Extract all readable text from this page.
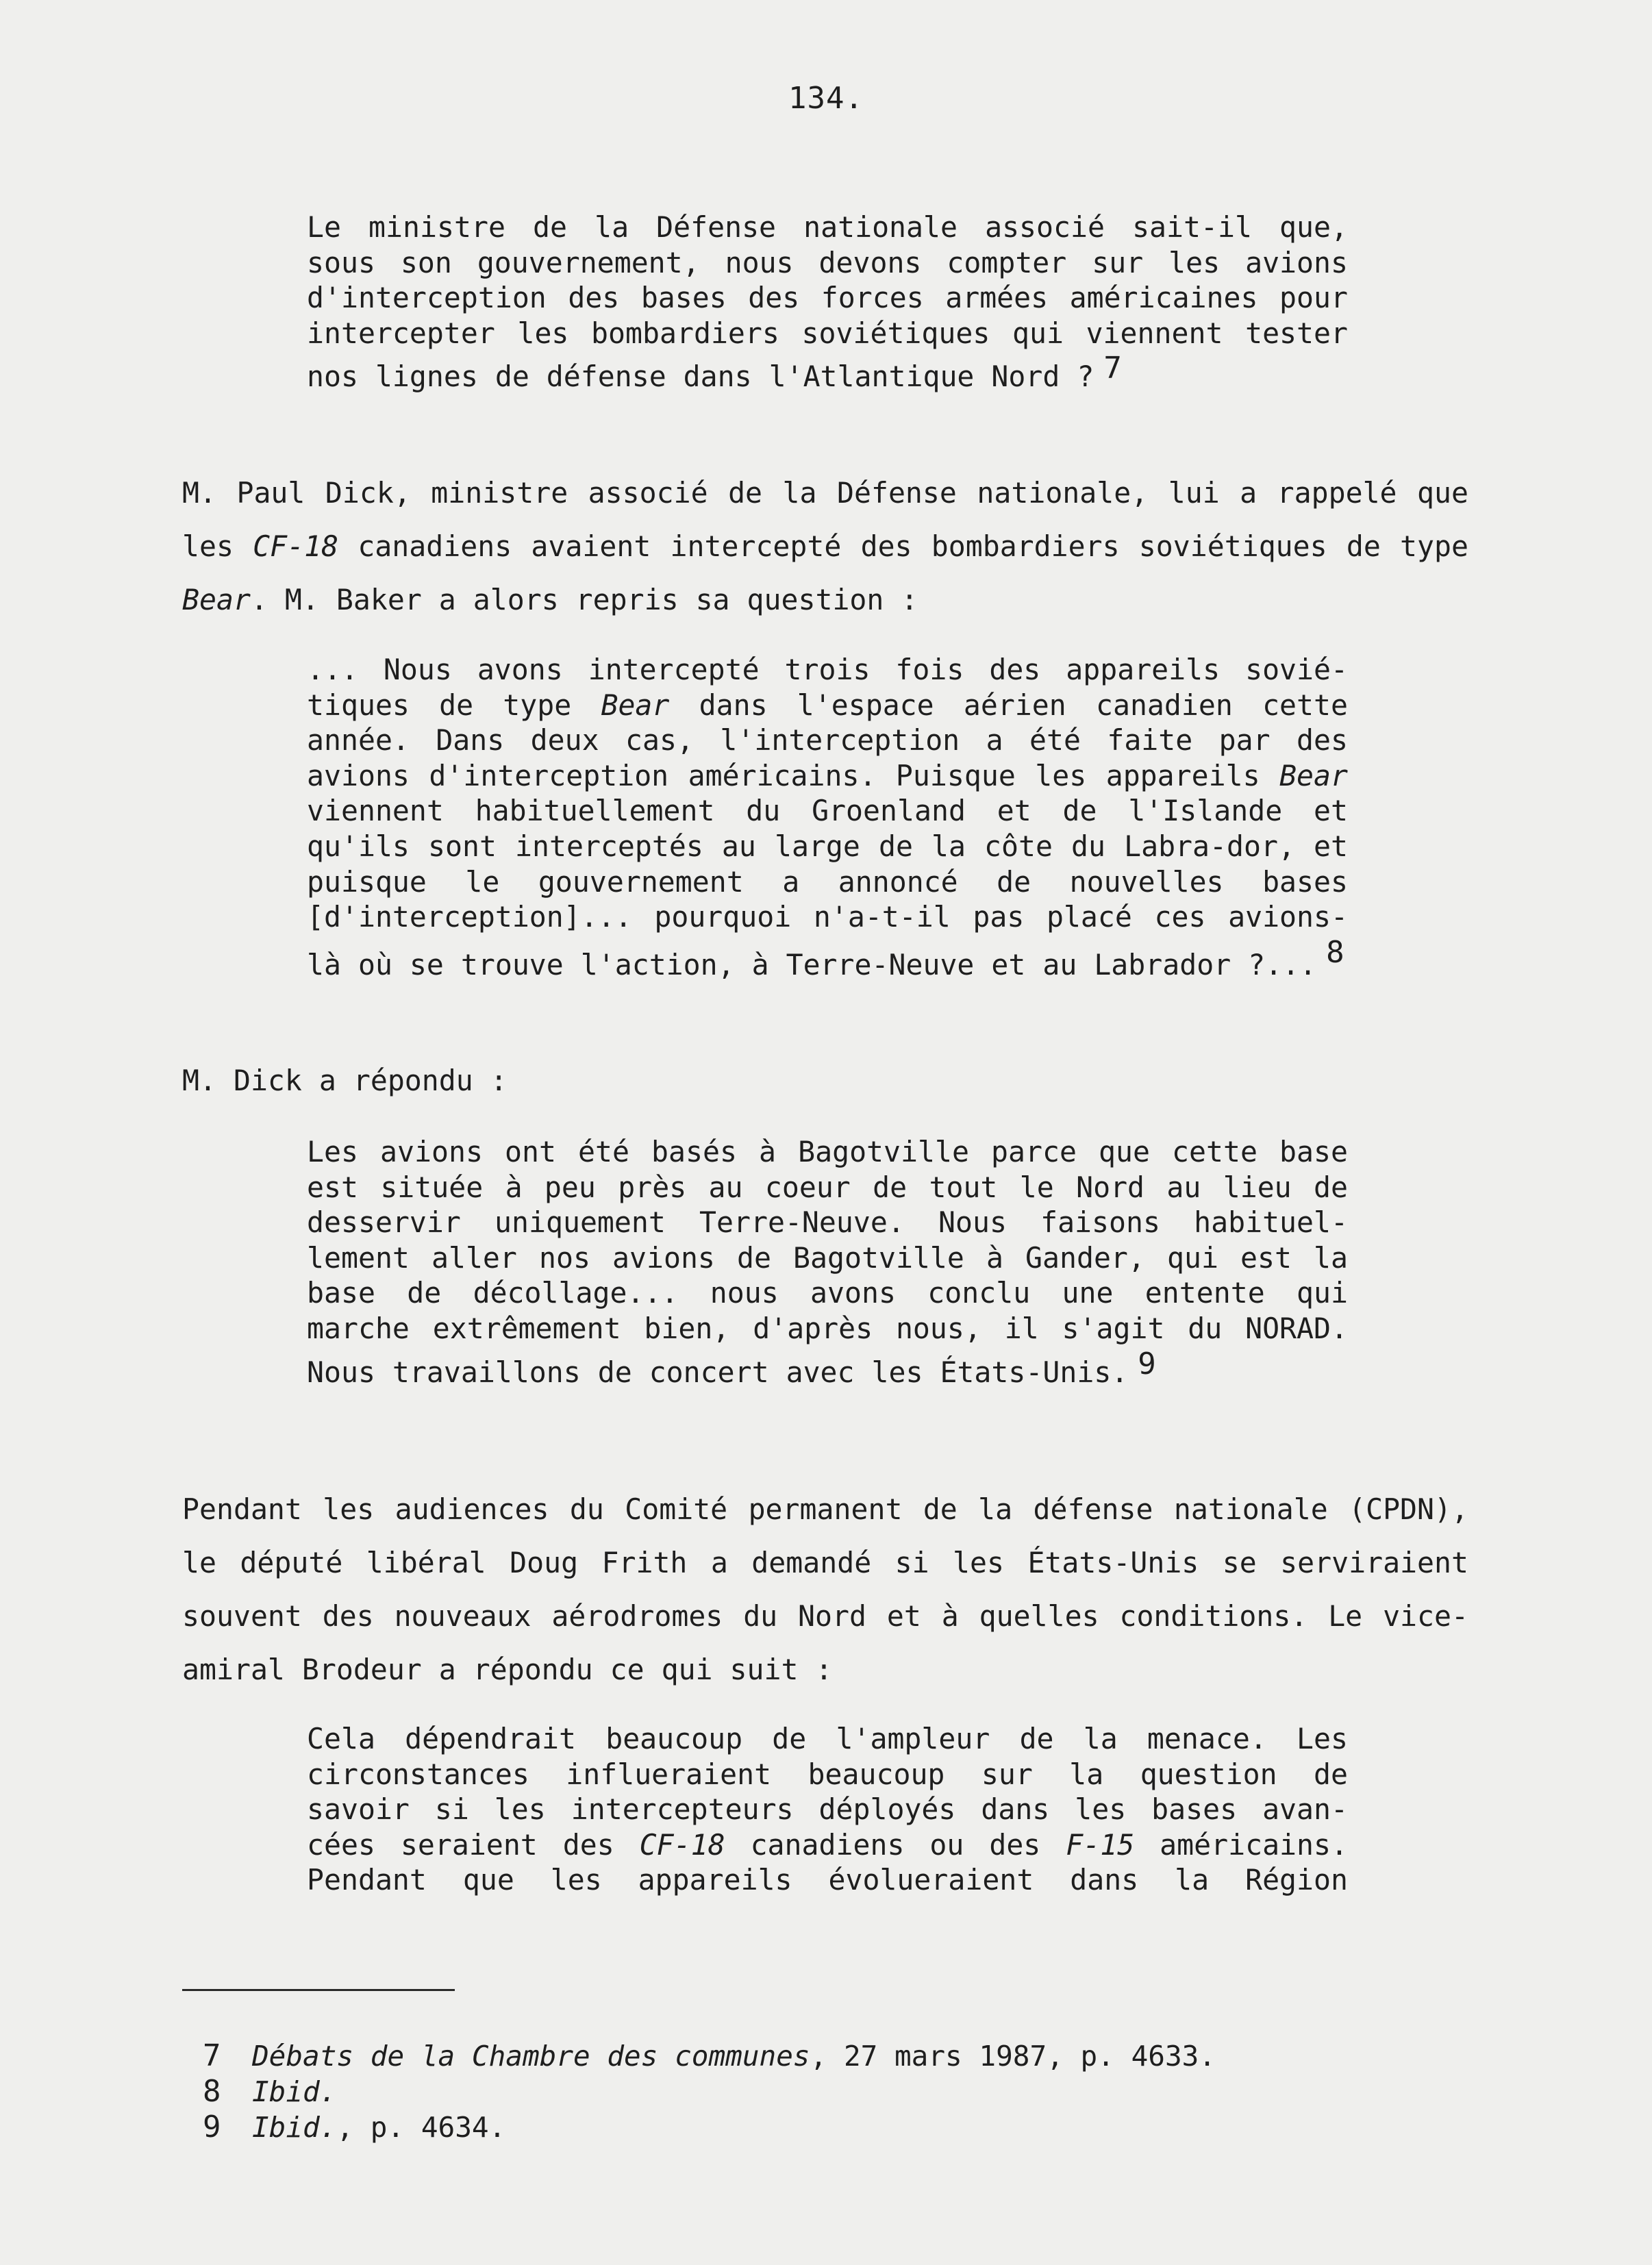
134.

Le ministre de la Défense nationale associé sait-il que, sous son gouvernement, nous devons compter sur les avions d'interception des bases des forces armées américaines pour intercepter les bombardiers soviétiques qui viennent tester nos lignes de défense dans l'Atlantique Nord ? 7

M. Paul Dick, ministre associé de la Défense nationale, lui a rappelé que les CF-18 canadiens avaient intercepté des bombardiers soviétiques de type Bear. M. Baker a alors repris sa question :

... Nous avons intercepté trois fois des appareils sovié-tiques de type Bear dans l'espace aérien canadien cette année. Dans deux cas, l'interception a été faite par des avions d'interception américains. Puisque les appareils Bear viennent habituellement du Groenland et de l'Islande et qu'ils sont interceptés au large de la côte du Labra-dor, et puisque le gouvernement a annoncé de nouvelles bases [d'interception]... pourquoi n'a-t-il pas placé ces avions-là où se trouve l'action, à Terre-Neuve et au Labrador ?... 8

M. Dick a répondu :

Les avions ont été basés à Bagotville parce que cette base est située à peu près au coeur de tout le Nord au lieu de desservir uniquement Terre-Neuve. Nous faisons habituel-lement aller nos avions de Bagotville à Gander, qui est la base de décollage... nous avons conclu une entente qui marche extrêmement bien, d'après nous, il s'agit du NORAD. Nous travaillons de concert avec les États-Unis. 9

Pendant les audiences du Comité permanent de la défense nationale (CPDN), le député libéral Doug Frith a demandé si les États-Unis se serviraient souvent des nouveaux aérodromes du Nord et à quelles conditions. Le vice-amiral Brodeur a répondu ce qui suit :

Cela dépendrait beaucoup de l'ampleur de la menace. Les circonstances influeraient beaucoup sur la question de savoir si les intercepteurs déployés dans les bases avan-cées seraient des CF-18 canadiens ou des F-15 américains. Pendant que les appareils évolueraient dans la Région

7	Débats de la Chambre des communes, 27 mars 1987, p. 4633.
8	Ibid.
9	Ibid., p. 4634.
